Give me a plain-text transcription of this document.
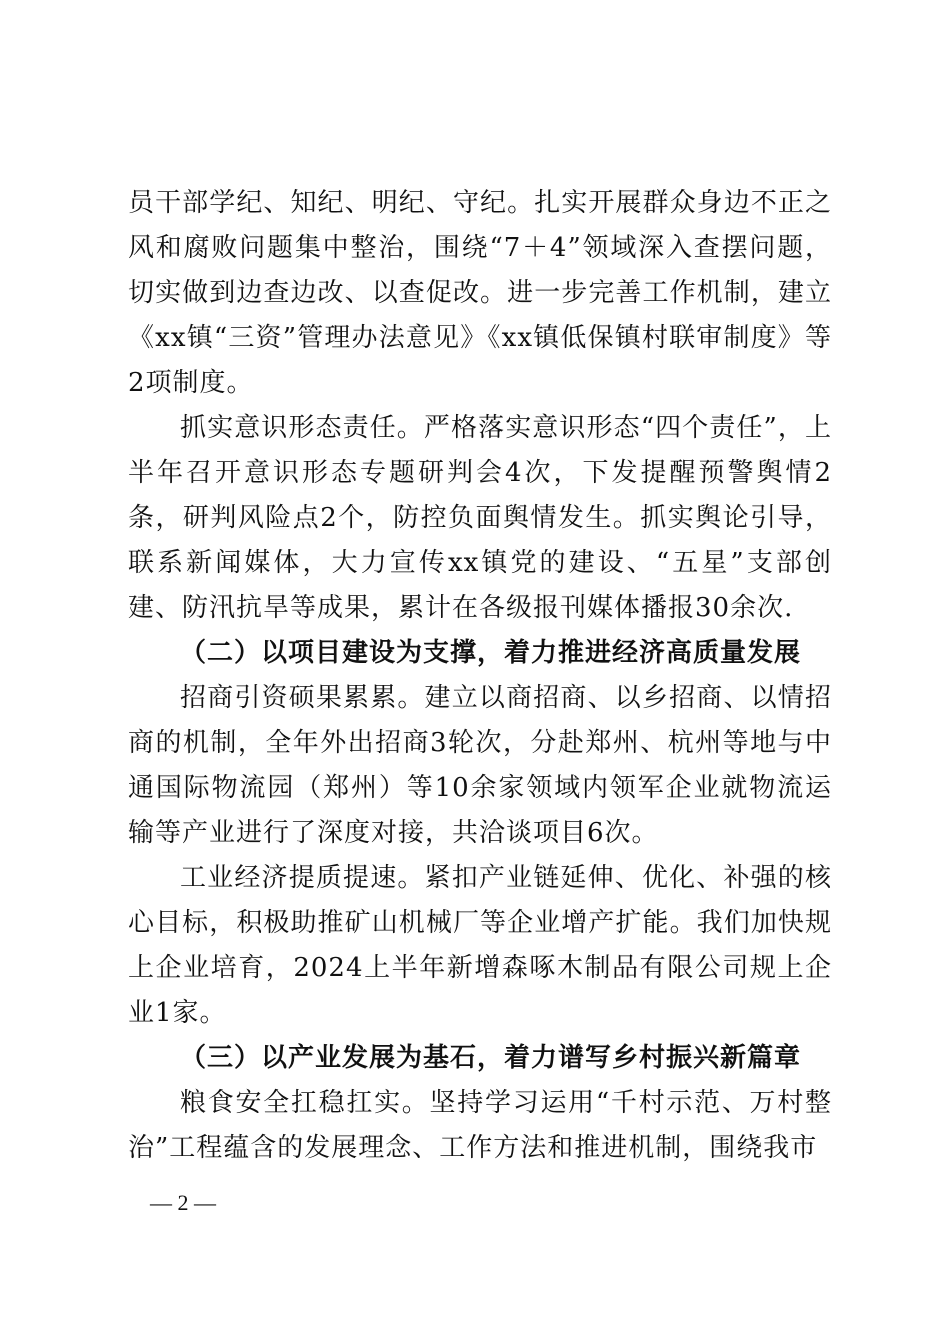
员干部学纪、知纪、明纪、守纪。扎实开展群众身边不正之风和腐败问题集中整治，围绕“7＋4”领域深入查摆问题，切实做到边查边改、以查促改。进一步完善工作机制，建立《xx镇“三资”管理办法意见》《xx镇低保镇村联审制度》等2项制度。

抓实意识形态责任。严格落实意识形态“四个责任”，上半年召开意识形态专题研判会4次，下发提醒预警舆情2条，研判风险点2个，防控负面舆情发生。抓实舆论引导，联系新闻媒体，大力宣传xx镇党的建设、“五星”支部创建、防汛抗旱等成果，累计在各级报刊媒体播报30余次.

（二）以项目建设为支撑，着力推进经济高质量发展

招商引资硕果累累。建立以商招商、以乡招商、以情招商的机制，全年外出招商3轮次，分赴郑州、杭州等地与中通国际物流园（郑州）等10余家领域内领军企业就物流运输等产业进行了深度对接，共洽谈项目6次。

工业经济提质提速。紧扣产业链延伸、优化、补强的核心目标，积极助推矿山机械厂等企业增产扩能。我们加快规上企业培育，2024上半年新增森啄木制品有限公司规上企业1家。

（三）以产业发展为基石，着力谱写乡村振兴新篇章

粮食安全扛稳扛实。坚持学习运用“千村示范、万村整治”工程蕴含的发展理念、工作方法和推进机制，围绕我市

— 2 —
